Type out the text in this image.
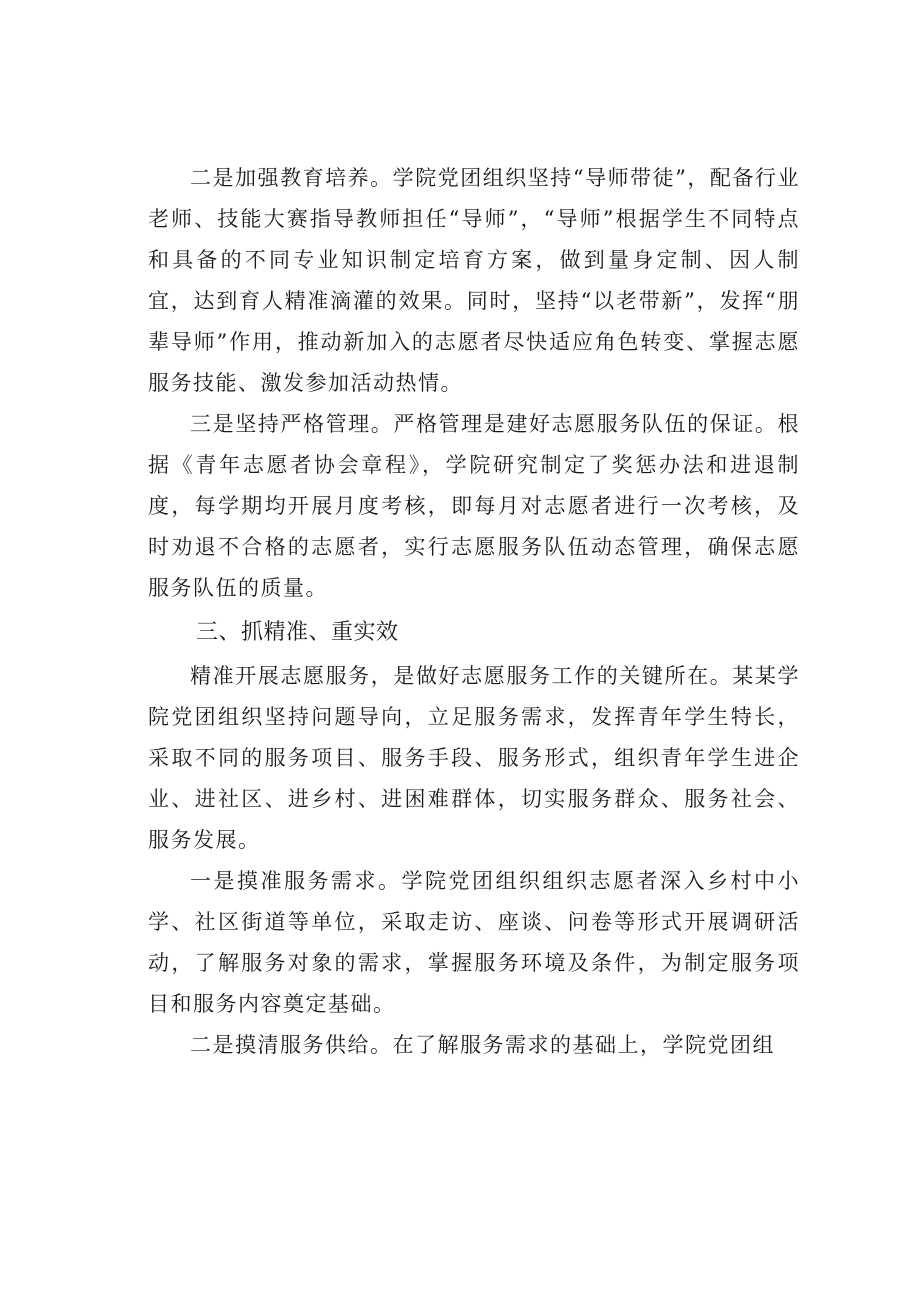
二是加强教育培养。学院党团组织坚持“导师带徒”，配备行业老师、技能大赛指导教师担任“导师”，“导师”根据学生不同特点和具备的不同专业知识制定培育方案，做到量身定制、因人制宜，达到育人精准滴灌的效果。同时，坚持“以老带新”，发挥“朋辈导师”作用，推动新加入的志愿者尽快适应角色转变、掌握志愿服务技能、激发参加活动热情。

三是坚持严格管理。严格管理是建好志愿服务队伍的保证。根据《青年志愿者协会章程》，学院研究制定了奖惩办法和进退制度，每学期均开展月度考核，即每月对志愿者进行一次考核，及时劝退不合格的志愿者，实行志愿服务队伍动态管理，确保志愿服务队伍的质量。

三、抓精准、重实效

精准开展志愿服务，是做好志愿服务工作的关键所在。某某学院党团组织坚持问题导向，立足服务需求，发挥青年学生特长，采取不同的服务项目、服务手段、服务形式，组织青年学生进企业、进社区、进乡村、进困难群体，切实服务群众、服务社会、服务发展。

一是摸准服务需求。学院党团组织组织志愿者深入乡村中小学、社区街道等单位，采取走访、座谈、问卷等形式开展调研活动，了解服务对象的需求，掌握服务环境及条件，为制定服务项目和服务内容奠定基础。

二是摸清服务供给。在了解服务需求的基础上，学院党团组
